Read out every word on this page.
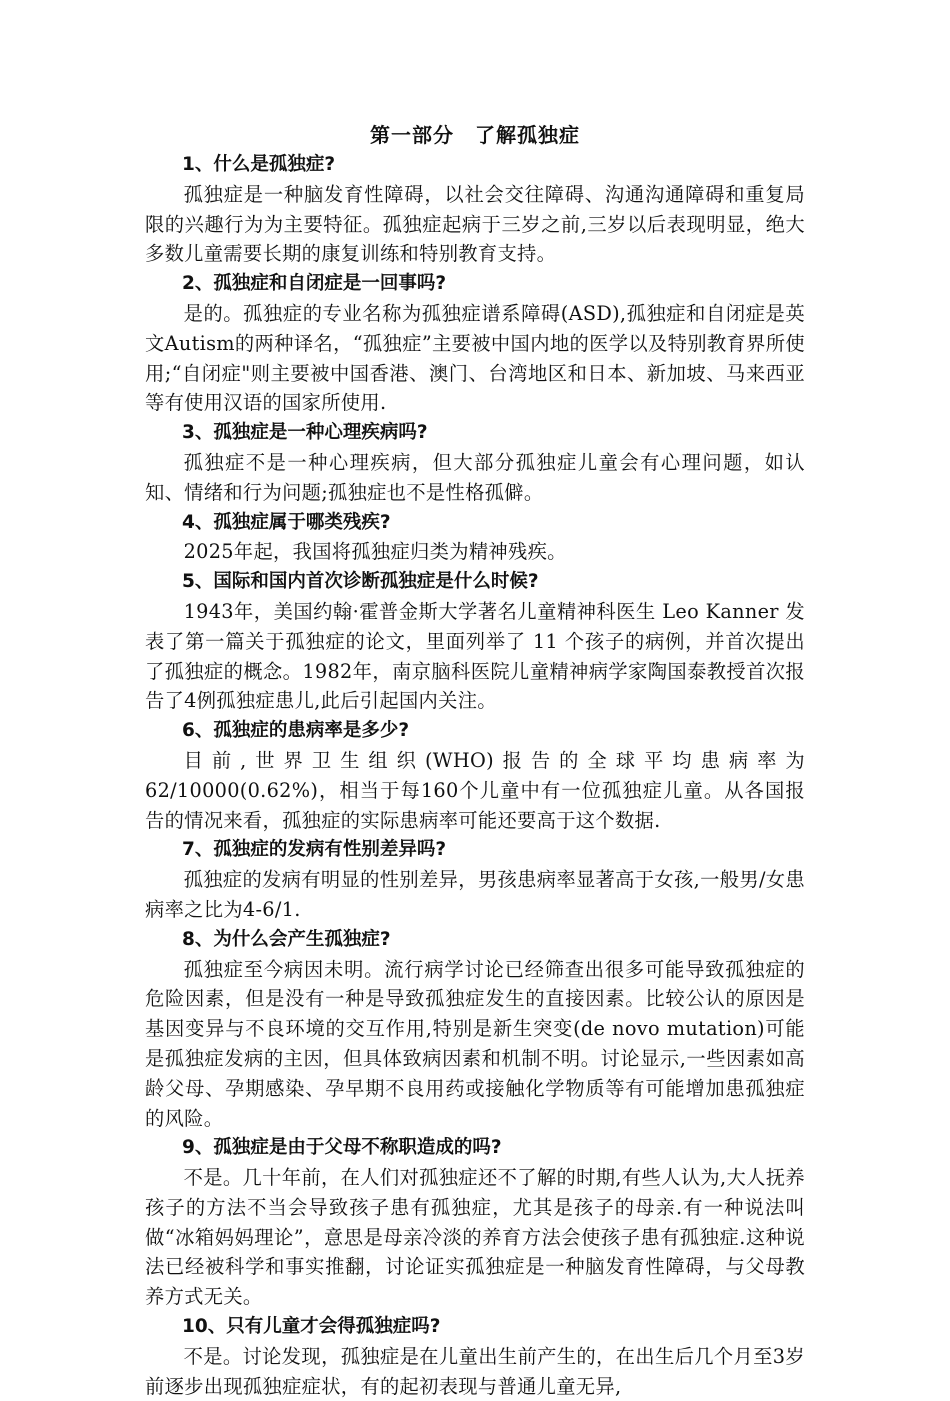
第一部分　了解孤独症
1、什么是孤独症?
孤独症是一种脑发育性障碍，以社会交往障碍、沟通沟通障碍和重复局限的兴趣行为为主要特征。孤独症起病于三岁之前,三岁以后表现明显，绝大多数儿童需要长期的康复训练和特别教育支持。
2、孤独症和自闭症是一回事吗?
是的。孤独症的专业名称为孤独症谱系障碍(ASD),孤独症和自闭症是英文Autism的两种译名，“孤独症”主要被中国内地的医学以及特别教育界所使用;“自闭症"则主要被中国香港、澳门、台湾地区和日本、新加坡、马来西亚等有使用汉语的国家所使用.
3、孤独症是一种心理疾病吗?
孤独症不是一种心理疾病，但大部分孤独症儿童会有心理问题，如认知、情绪和行为问题;孤独症也不是性格孤僻。
4、孤独症属于哪类残疾?
2025年起，我国将孤独症归类为精神残疾。
5、国际和国内首次诊断孤独症是什么时候?
1943年，美国约翰·霍普金斯大学著名儿童精神科医生 Leo Kanner 发表了第一篇关于孤独症的论文，里面列举了 11 个孩子的病例，并首次提出了孤独症的概念。1982年，南京脑科医院儿童精神病学家陶国泰教授首次报告了4例孤独症患儿,此后引起国内关注。
6、孤独症的患病率是多少?
目前,世界卫生组织(WHO)报告的全球平均患病率为62/10000(0.62%)，相当于每160个儿童中有一位孤独症儿童。从各国报告的情况来看，孤独症的实际患病率可能还要高于这个数据.
7、孤独症的发病有性别差异吗?
孤独症的发病有明显的性别差异，男孩患病率显著高于女孩,一般男/女患病率之比为4-6/1.
8、为什么会产生孤独症?
孤独症至今病因未明。流行病学讨论已经筛查出很多可能导致孤独症的危险因素，但是没有一种是导致孤独症发生的直接因素。比较公认的原因是基因变异与不良环境的交互作用,特别是新生突变(de novo mutation)可能是孤独症发病的主因，但具体致病因素和机制不明。讨论显示,一些因素如高龄父母、孕期感染、孕早期不良用药或接触化学物质等有可能增加患孤独症的风险。
9、孤独症是由于父母不称职造成的吗?
不是。几十年前，在人们对孤独症还不了解的时期,有些人认为,大人抚养孩子的方法不当会导致孩子患有孤独症，尤其是孩子的母亲.有一种说法叫做“冰箱妈妈理论”，意思是母亲冷淡的养育方法会使孩子患有孤独症.这种说法已经被科学和事实推翻，讨论证实孤独症是一种脑发育性障碍，与父母教养方式无关。
10、只有儿童才会得孤独症吗?
不是。讨论发现，孤独症是在儿童出生前产生的，在出生后几个月至3岁前逐步出现孤独症症状，有的起初表现与普通儿童无异,
